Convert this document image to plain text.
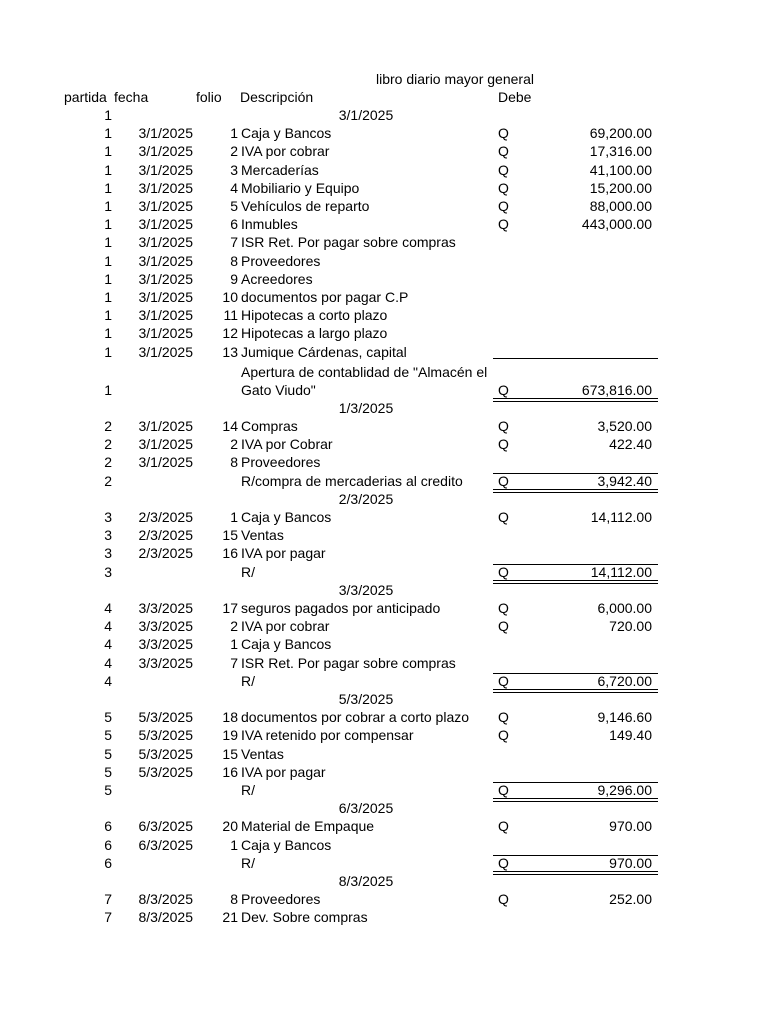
libro diario mayor general
partida fecha	folio Descripción	Debe
1	3/1/2025
1	3/1/2025	1 Caja y Bancos	Q	69,200.00
1	3/1/2025	2 IVA por cobrar	Q	17,316.00
1	3/1/2025	3 Mercaderías	Q	41,100.00
1	3/1/2025	4 Mobiliario y Equipo	Q	15,200.00
1	3/1/2025	5 Vehículos de reparto	Q	88,000.00
1	3/1/2025	6 Inmubles	Q	443,000.00
1	3/1/2025	7 ISR Ret. Por pagar sobre compras
1	3/1/2025	8 Proveedores
1	3/1/2025	9 Acreedores
1	3/1/2025	10 documentos por pagar C.P
1	3/1/2025	11 Hipotecas a corto plazo
1	3/1/2025	12 Hipotecas a largo plazo
1	3/1/2025	13 Jumique Cárdenas, capital
1
Apertura de contablidad de "Almacén el
Gato Viudo"	Q	673,816.00
1/3/2025
2	3/1/2025	14 Compras	Q	3,520.00
2	3/1/2025	2 IVA por Cobrar	Q	422.40
2	3/1/2025	8 Proveedores
2	R/compra de mercaderias al credito	Q	3,942.40
2/3/2025
3	2/3/2025	1 Caja y Bancos	Q	14,112.00
3	2/3/2025	15 Ventas
3	2/3/2025	16 IVA por pagar
3	R/	Q	14,112.00
3/3/2025
4	3/3/2025	17 seguros pagados por anticipado	Q	6,000.00
4	3/3/2025	2 IVA por cobrar	Q	720.00
4	3/3/2025	1 Caja y Bancos
4	3/3/2025	7 ISR Ret. Por pagar sobre compras
4	R/	Q	6,720.00
5/3/2025
5	5/3/2025	18 documentos por cobrar a corto plazo Q	9,146.60
5	5/3/2025	19 IVA retenido por compensar	Q	149.40
5	5/3/2025	15 Ventas
5	5/3/2025	16 IVA por pagar
5	R/	Q	9,296.00
6/3/2025
6	6/3/2025	20 Material de Empaque	Q	970.00
6	6/3/2025	1 Caja y Bancos
6	R/	Q	970.00
8/3/2025
7	8/3/2025	8 Proveedores	Q	252.00
7	8/3/2025	21 Dev. Sobre compras
